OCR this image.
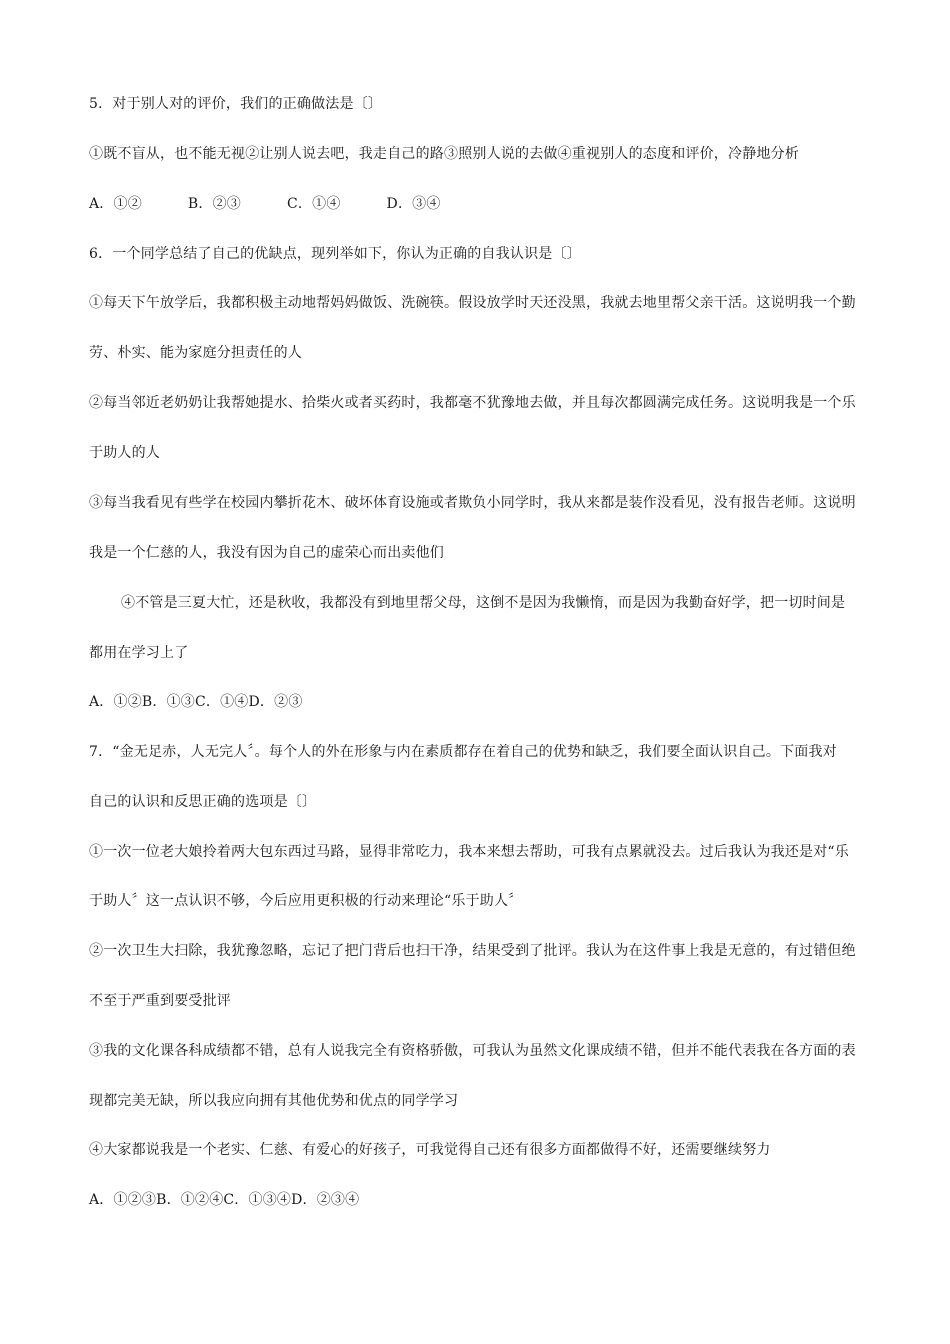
5．对于别人对的评价，我们的正确做法是〔〕
①既不盲从，也不能无视②让别人说去吧，我走自己的路③照别人说的去做④重视别人的态度和评价，冷静地分析
A．①②	B．②③	C．①④	D．③④
6．一个同学总结了自己的优缺点，现列举如下，你认为正确的自我认识是〔〕
①每天下午放学后，我都积极主动地帮妈妈做饭、洗碗筷。假设放学时天还没黑，我就去地里帮父亲干活。这说明我一个勤
劳、朴实、能为家庭分担责任的人
②每当邻近老奶奶让我帮她提水、拾柴火或者买药时，我都毫不犹豫地去做，并且每次都圆满完成任务。这说明我是一个乐
于助人的人
③每当我看见有些学在校园内攀折花木、破坏体育设施或者欺负小同学时，我从来都是装作没看见，没有报告老师。这说明
我是一个仁慈的人，我没有因为自己的虚荣心而出卖他们
④不管是三夏大忙，还是秋收，我都没有到地里帮父母，这倒不是因为我懒惰，而是因为我勤奋好学，把一切时间是
都用在学习上了
A．①②B．①③C．①④D．②③
7．“金无足赤，人无完人〞。每个人的外在形象与内在素质都存在着自己的优势和缺乏，我们要全面认识自己。下面我对
自己的认识和反思正确的选项是〔〕
①一次一位老大娘拎着两大包东西过马路，显得非常吃力，我本来想去帮助，可我有点累就没去。过后我认为我还是对“乐
于助人〞这一点认识不够，今后应用更积极的行动来理论“乐于助人〞
②一次卫生大扫除，我犹豫忽略，忘记了把门背后也扫干净，结果受到了批评。我认为在这件事上我是无意的，有过错但绝
不至于严重到要受批评
③我的文化课各科成绩都不错，总有人说我完全有资格骄傲，可我认为虽然文化课成绩不错，但并不能代表我在各方面的表
现都完美无缺，所以我应向拥有其他优势和优点的同学学习
④大家都说我是一个老实、仁慈、有爱心的好孩子，可我觉得自己还有很多方面都做得不好，还需要继续努力
A．①②③B．①②④C．①③④D．②③④
